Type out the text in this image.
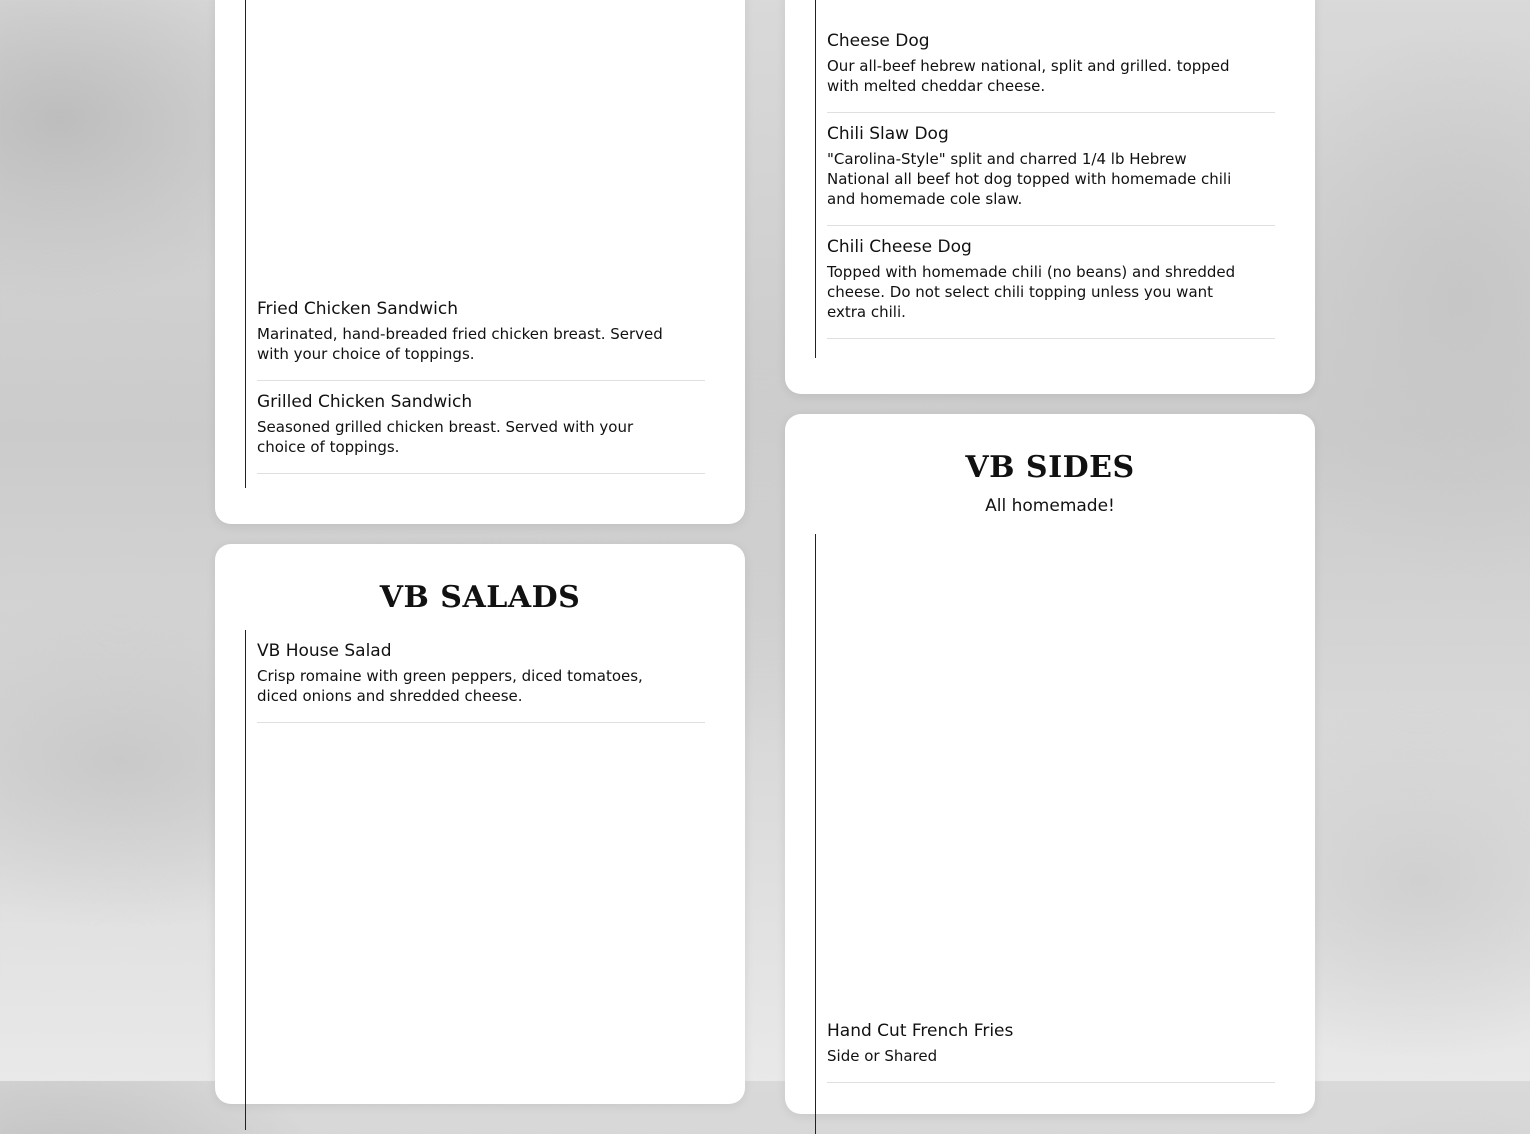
Fried Chicken Sandwich

Marinated, hand-breaded fried chicken breast. Served with your choice of toppings.

Grilled Chicken Sandwich

Seasoned grilled chicken breast. Served with your choice of toppings.

VB SALADS
VB House Salad

Crisp romaine with green peppers, diced tomatoes, diced onions and shredded cheese.

Cheese Dog

Our all-beef hebrew national, split and grilled. topped with melted cheddar cheese.

Chili Slaw Dog

"Carolina-Style" split and charred 1/4 lb Hebrew National all beef hot dog topped with homemade chili and homemade cole slaw.

Chili Cheese Dog

Topped with homemade chili (no beans) and shredded cheese. Do not select chili topping unless you want extra chili.

VB SIDES

All homemade!

Hand Cut French Fries

Side or Shared
